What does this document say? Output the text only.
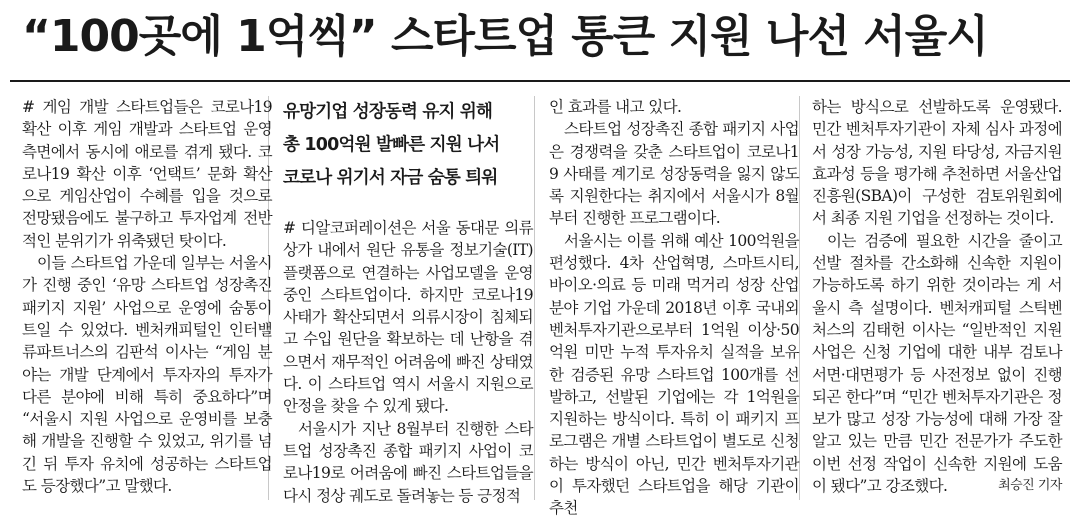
“100곳에 1억씩” 스타트업 통큰 지원 나선 서울시

# 게임 개발 스타트업들은 코로나19 확산 이후 게임 개발과 스타트업 운영 측면에서 동시에 애로를 겪게 됐다. 코로나19 확산 이후 ‘언택트’ 문화 확산으로 게임산업이 수혜를 입을 것으로 전망됐음에도 불구하고 투자업계 전반적인 분위기가 위축됐던 탓이다.

이들 스타트업 가운데 일부는 서울시가 진행 중인 ‘유망 스타트업 성장촉진 패키지 지원’ 사업으로 운영에 숨통이 트일 수 있었다. 벤처캐피털인 인터밸류파트너스의 김판석 이사는 “게임 분야는 개발 단계에서 투자자의 투자가 다른 분야에 비해 특히 중요하다”며 “서울시 지원 사업으로 운영비를 보충해 개발을 진행할 수 있었고, 위기를 넘긴 뒤 투자 유치에 성공하는 스타트업도 등장했다”고 말했다.

유망기업 성장동력 유지 위해
총 100억원 발빠른 지원 나서
코로나 위기서 자금 숨통 틔워

# 디알코퍼레이션은 서울 동대문 의류상가 내에서 원단 유통을 정보기술(IT) 플랫폼으로 연결하는 사업모델을 운영 중인 스타트업이다. 하지만 코로나19 사태가 확산되면서 의류시장이 침체되고 수입 원단을 확보하는 데 난항을 겪으면서 재무적인 어려움에 빠진 상태였다. 이 스타트업 역시 서울시 지원으로 안정을 찾을 수 있게 됐다.

서울시가 지난 8월부터 진행한 스타트업 성장촉진 종합 패키지 사업이 코로나19로 어려움에 빠진 스타트업들을 다시 정상 궤도로 돌려놓는 등 긍정적

인 효과를 내고 있다.

스타트업 성장촉진 종합 패키지 사업은 경쟁력을 갖춘 스타트업이 코로나19 사태를 계기로 성장동력을 잃지 않도록 지원한다는 취지에서 서울시가 8월부터 진행한 프로그램이다.

서울시는 이를 위해 예산 100억원을 편성했다. 4차 산업혁명, 스마트시티, 바이오·의료 등 미래 먹거리 성장 산업 분야 기업 가운데 2018년 이후 국내외 벤처투자기관으로부터 1억원 이상·50억원 미만 누적 투자유치 실적을 보유한 검증된 유망 스타트업 100개를 선발하고, 선발된 기업에는 각 1억원을 지원하는 방식이다. 특히 이 패키지 프로그램은 개별 스타트업이 별도로 신청하는 방식이 아닌, 민간 벤처투자기관이 투자했던 스타트업을 해당 기관이 추천

하는 방식으로 선발하도록 운영됐다. 민간 벤처투자기관이 자체 심사 과정에서 성장 가능성, 지원 타당성, 자금지원 효과성 등을 평가해 추천하면 서울산업진흥원(SBA)이 구성한 검토위원회에서 최종 지원 기업을 선정하는 것이다.

이는 검증에 필요한 시간을 줄이고 선발 절차를 간소화해 신속한 지원이 가능하도록 하기 위한 것이라는 게 서울시 측 설명이다. 벤처캐피털 스틱벤처스의 김태헌 이사는 “일반적인 지원 사업은 신청 기업에 대한 내부 검토나 서면·대면평가 등 사전정보 없이 진행되곤 한다”며 “민간 벤처투자기관은 정보가 많고 성장 가능성에 대해 가장 잘 알고 있는 만큼 민간 전문가가 주도한 이번 선정 작업이 신속한 지원에 도움이 됐다”고 강조했다.	최승진 기자
